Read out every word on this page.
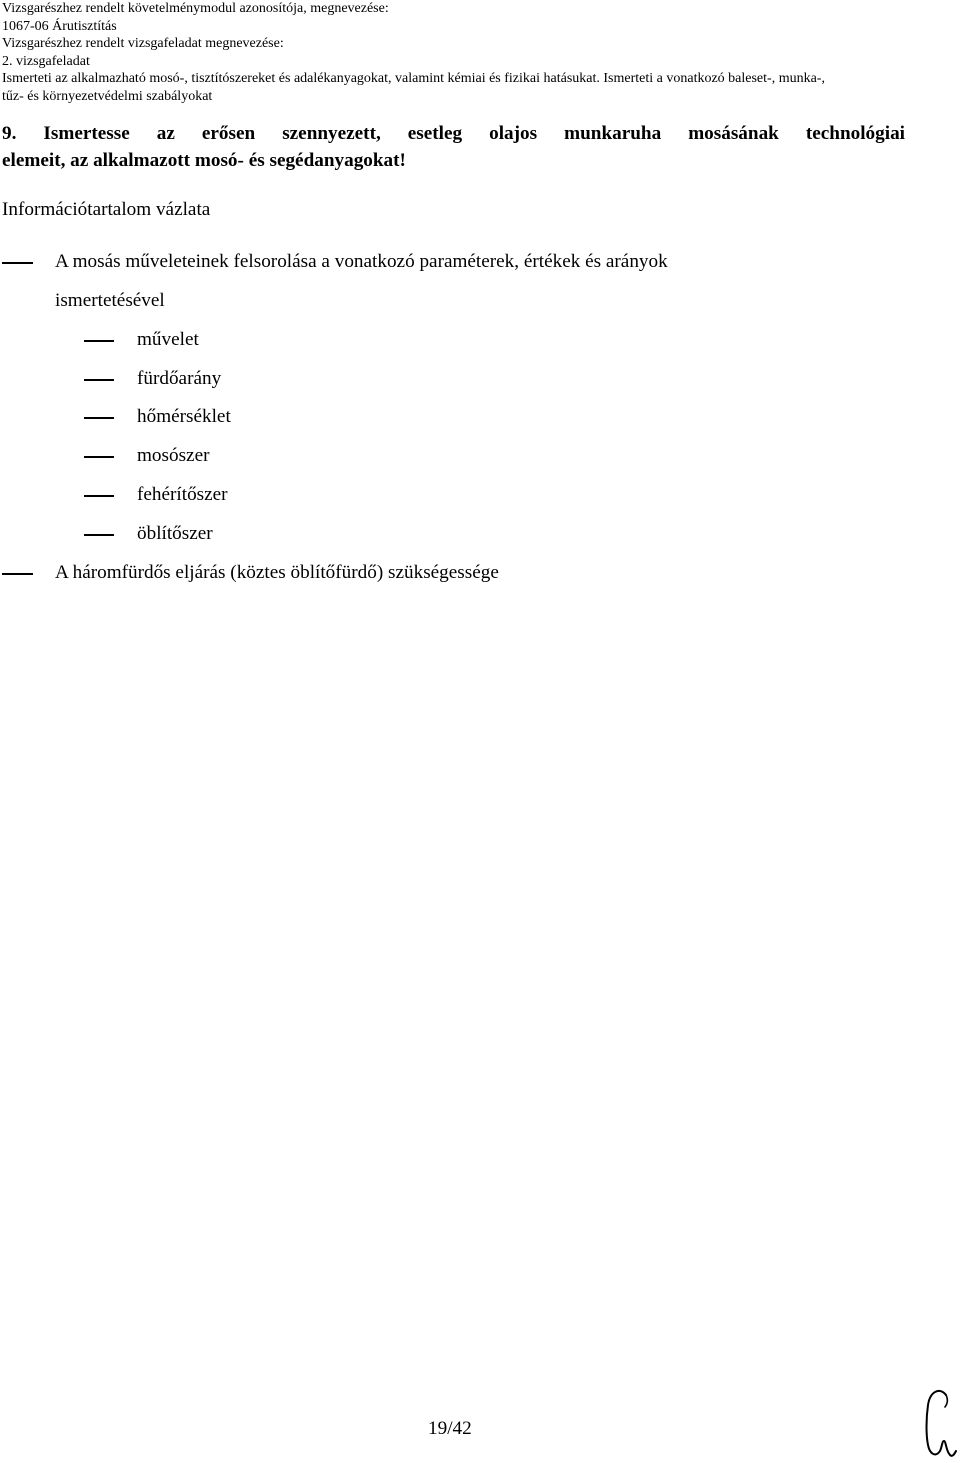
Vizsgarészhez rendelt követelménymodul azonosítója, megnevezése:
1067-06 Árutisztítás
Vizsgarészhez rendelt vizsgafeladat megnevezése:
2. vizsgafeladat
Ismerteti az alkalmazható mosó-, tisztítószereket és adalékanyagokat, valamint kémiai és fizikai hatásukat. Ismerteti a vonatkozó baleset-, munka-,
tűz- és környezetvédelmi szabályokat
9. Ismertesse az erősen szennyezett, esetleg olajos munkaruha mosásának technológiai
elemeit, az alkalmazott mosó- és segédanyagokat!
Információtartalom vázlata
A mosás műveleteinek felsorolása a vonatkozó paraméterek, értékek és arányok
ismertetésével
művelet
fürdőarány
hőmérséklet
mosószer
fehérítőszer
öblítőszer
A háromfürdős eljárás (köztes öblítőfürdő) szükségessége
19/42
